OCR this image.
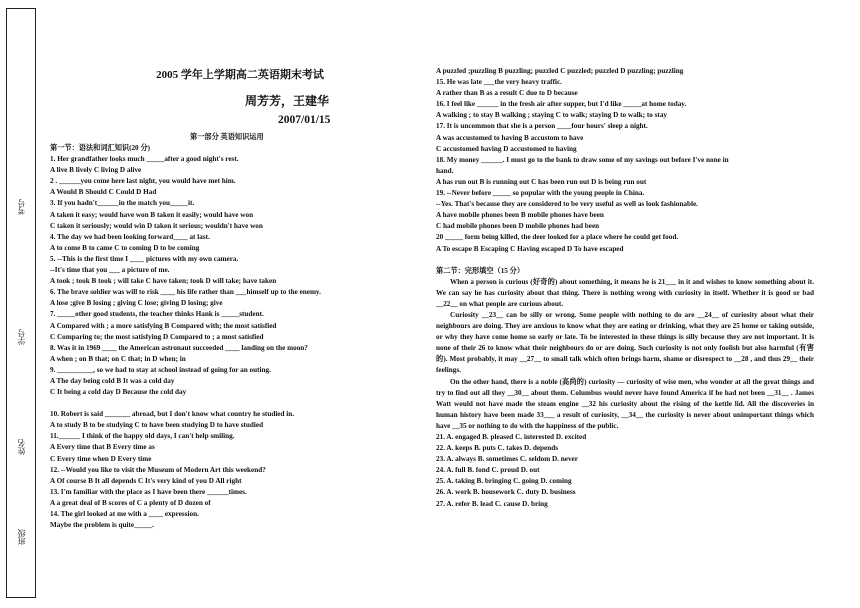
考号
学号
姓名
班级
2005 学年上学期高二英语期末考试
周芳芳，王建华
2007/01/15
第一部分 英语知识运用

第一节：语法和词汇知识(20 分)

1. Her grandfather looks much _____after a good night's rest.

A live B lively C living D alive

2 . ______you come here last night, you would have met him.

A Would B Should C Could D Had

3. If you hadn't______in the match you_____it.

A taken it easy; would have won B taken it easily; would have won

C taken it seriously; would win D taken it serious; wouldn't have won

4. The day we had been looking forward____ at last.

A to come B to came C to coming D to be coming

5. --This is the first time I ____ pictures with my own camera.

--It's time that you ___ a picture of me.

A took ; took B took ; will take C have taken; took D will take; have taken

6. The brave soldier was will to risk ____ his life rather than ___himself up to the enemy.

A lose ;give B losing ; giving C lose; giving D losing; give

7. _____other good students, the teacher thinks Hank is _____student.

A Compared with ; a more satisfying B Compared with; the most satisfied

C Comparing to; the most satisfying D Compared to ; a most satisfied

8. Was it in 1969 ____ the American astronaut succeeded ____ landing on the moon?

A when ; on B that; on C that; in D when; in

9. __________, so we had to stay at school instead of going for an outing.

A The day being cold B It was a cold day

C It being a cold day D Because the cold day

10. Robert is said _______ abroad, but I don't know what country he studied in.

A to study B to be studying C to have been studying D to have studied

11.______ I think of the happy old days, I can't help smiling.

A Every time that B Every time as

C Every time when D Every time

12. --Would you like to visit the Museum of Modern Art this weekend?

A Of course B It all depends C It's very kind of you D All right

13. I'm familiar with the place as I have been there ______times.

A a great deal of B scores of C a plenty of D dozen of

14. The girl looked at me with a ____ expression.

Maybe the problem is quite_____.

A puzzled ;puzzling B puzzling; puzzled C puzzled; puzzled D puzzling; puzzling

15. He was late ___the very heavy traffic.

A rather than B as a result C due to D because

16. I feel like ______ in the fresh air after supper, but I'd like _____at home today.

A walking ; to stay B walking ; staying C to walk; staying D to walk; to stay

17. It is uncommon that she is a person ____four hours' sleep a night.

A was accustomed to having B accustom to have

C accustomed having D accustomed to having

18. My money ______. I must go to the bank to draw some of my savings out before I've none in

hand.

A has run out B is running out C has been run out D is being run out

19. --Never before _____ so popular with the young people in China.

--Yes. That's because they are considered to be very useful as well as look fashionable.

A have mobile phones been B mobile phones have been

C had mobile phones been D mobile phones had been

20 _____ form being killed, the deer looked for a place where he could get food.

A To escape B Escaping C Having escaped D To have escaped

第二节：完形填空（15 分）

When a person is curious (好奇的) about something, it means he is 21___ in it and wishes to know something about it. We can say he has curiosity about that thing. There is nothing wrong with curiosity in itself. Whether it is good or bad __22__ on what people are curious about.

Curiosity __23__ can be silly or wrong. Some people with nothing to do are __24__ of curiosity about what their neighbours are doing. They are anxious to know what they are eating or drinking, what they are 25 home or taking outside, or why they have come home so early or late. To be interested in these things is silly because they are not important. It is none of their 26 to know what their neighbours do or are doing. Such curiosity is not only foolish but also harmful (有害的). Most probably, it may __27__ to small talk which often brings harm, shame or disrespect to __28 , and thus 29__ their feelings.

On the other hand, there is a noble (高尚的) curiosity — curiosity of wise men, who wonder at all the great things and try to find out all they __30__ about them. Columbus would never have found America if he had not been __31__ . James Watt would not have made the steam engine __32 his curiosity about the rising of the kettle lid. All the discoveries in human history have been made 33___ a result of curiosity, __34__ the curiosity is never about unimportant things which have __35 or nothing to do with the happiness of the public.

21. A. engaged B. pleased C. interested D. excited

22. A. keeps B. puts C. takes D. depends

23. A. always B. sometimes C. seldom D. never

24. A. full B. fond C. proud D. out

25. A. taking B. bringing C. going D. coming

26. A. work B. housework C. duty D. business

27. A. refer B. lead C. cause D. bring
